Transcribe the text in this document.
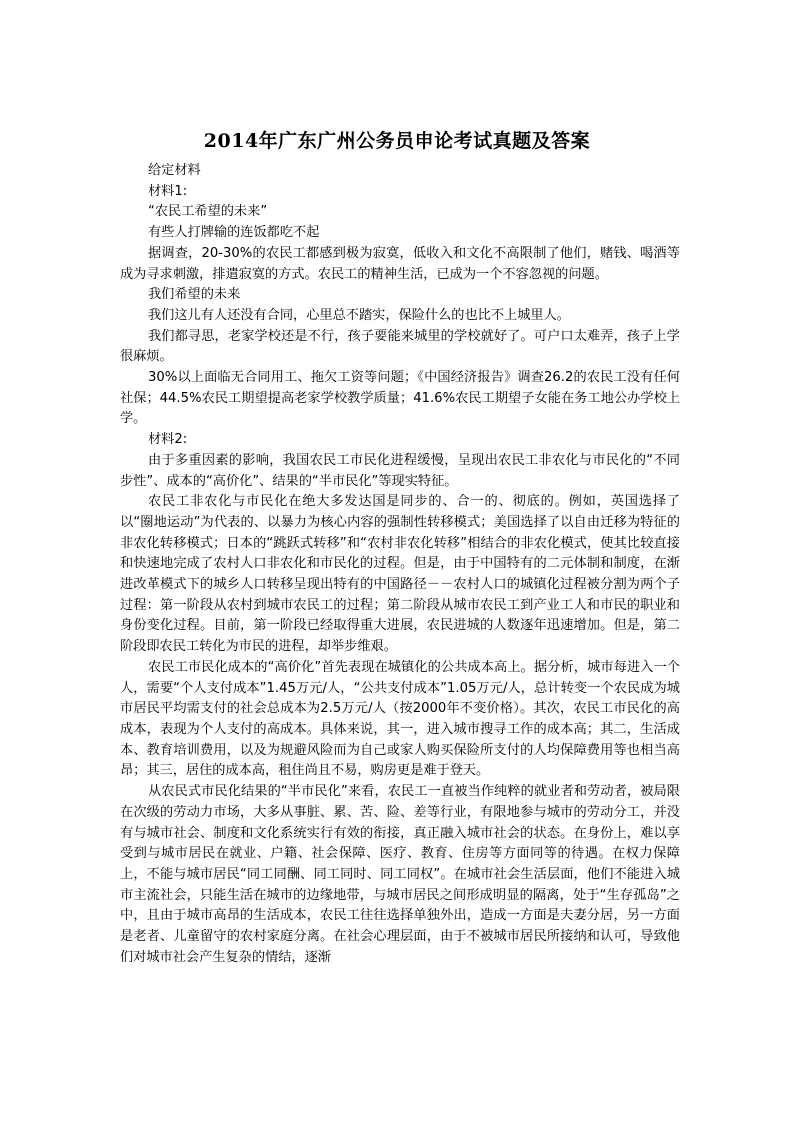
2014年广东广州公务员申论考试真题及答案

给定材料

材料1:

“农民工希望的未来”

有些人打牌输的连饭都吃不起

据调查，20-30%的农民工都感到极为寂寞，低收入和文化不高限制了他们，赌钱、喝酒等成为寻求刺激，排遣寂寞的方式。农民工的精神生活，已成为一个不容忽视的问题。

我们希望的未来

我们这儿有人还没有合同，心里总不踏实，保险什么的也比不上城里人。

我们都寻思，老家学校还是不行，孩子要能来城里的学校就好了。可户口太难弄，孩子上学很麻烦。

30%以上面临无合同用工、拖欠工资等问题；《中国经济报告》调查26.2的农民工没有任何社保；44.5%农民工期望提高老家学校教学质量；41.6%农民工期望子女能在务工地公办学校上学。

材料2:

由于多重因素的影响，我国农民工市民化进程缓慢，呈现出农民工非农化与市民化的“不同步性”、成本的“高价化”、结果的“半市民化”等现实特征。

农民工非农化与市民化在绝大多发达国是同步的、合一的、彻底的。例如，英国选择了以“圈地运动”为代表的、以暴力为核心内容的强制性转移模式；美国选择了以自由迁移为特征的非农化转移模式；日本的“跳跃式转移”和“农村非农化转移”相结合的非农化模式，使其比较直接和快速地完成了农村人口非农化和市民化的过程。但是，由于中国特有的二元体制和制度，在渐进改革模式下的城乡人口转移呈现出特有的中国路径－－农村人口的城镇化过程被分割为两个子过程：第一阶段从农村到城市农民工的过程；第二阶段从城市农民工到产业工人和市民的职业和身份变化过程。目前，第一阶段已经取得重大进展，农民进城的人数逐年迅速增加。但是，第二阶段即农民工转化为市民的进程，却举步维艰。

农民工市民化成本的“高价化”首先表现在城镇化的公共成本高上。据分析，城市每进入一个人，需要“个人支付成本”1.45万元/人，“公共支付成本”1.05万元/人，总计转变一个农民成为城市居民平均需支付的社会总成本为2.5万元/人（按2000年不变价格）。其次，农民工市民化的高成本，表现为个人支付的高成本。具体来说，其一，进入城市搜寻工作的成本高；其二，生活成本、教育培训费用，以及为规避风险而为自己或家人购买保险所支付的人均保障费用等也相当高昂；其三，居住的成本高，租住尚且不易，购房更是难于登天。

从农民式市民化结果的“半市民化”来看，农民工一直被当作纯粹的就业者和劳动者，被局限在次级的劳动力市场，大多从事脏、累、苦、险、差等行业，有限地参与城市的劳动分工，并没有与城市社会、制度和文化系统实行有效的衔接，真正融入城市社会的状态。在身份上，难以享受到与城市居民在就业、户籍、社会保障、医疗、教育、住房等方面同等的待遇。在权力保障上，不能与城市居民“同工同酬、同工同时、同工同权”。在城市社会生活层面，他们不能进入城市主流社会，只能生活在城市的边缘地带，与城市居民之间形成明显的隔离，处于“生存孤岛”之中，且由于城市高昂的生活成本，农民工往往选择单独外出，造成一方面是夫妻分居，另一方面是老者、儿童留守的农村家庭分离。在社会心理层面，由于不被城市居民所接纳和认可，导致他们对城市社会产生复杂的情结，逐渐
